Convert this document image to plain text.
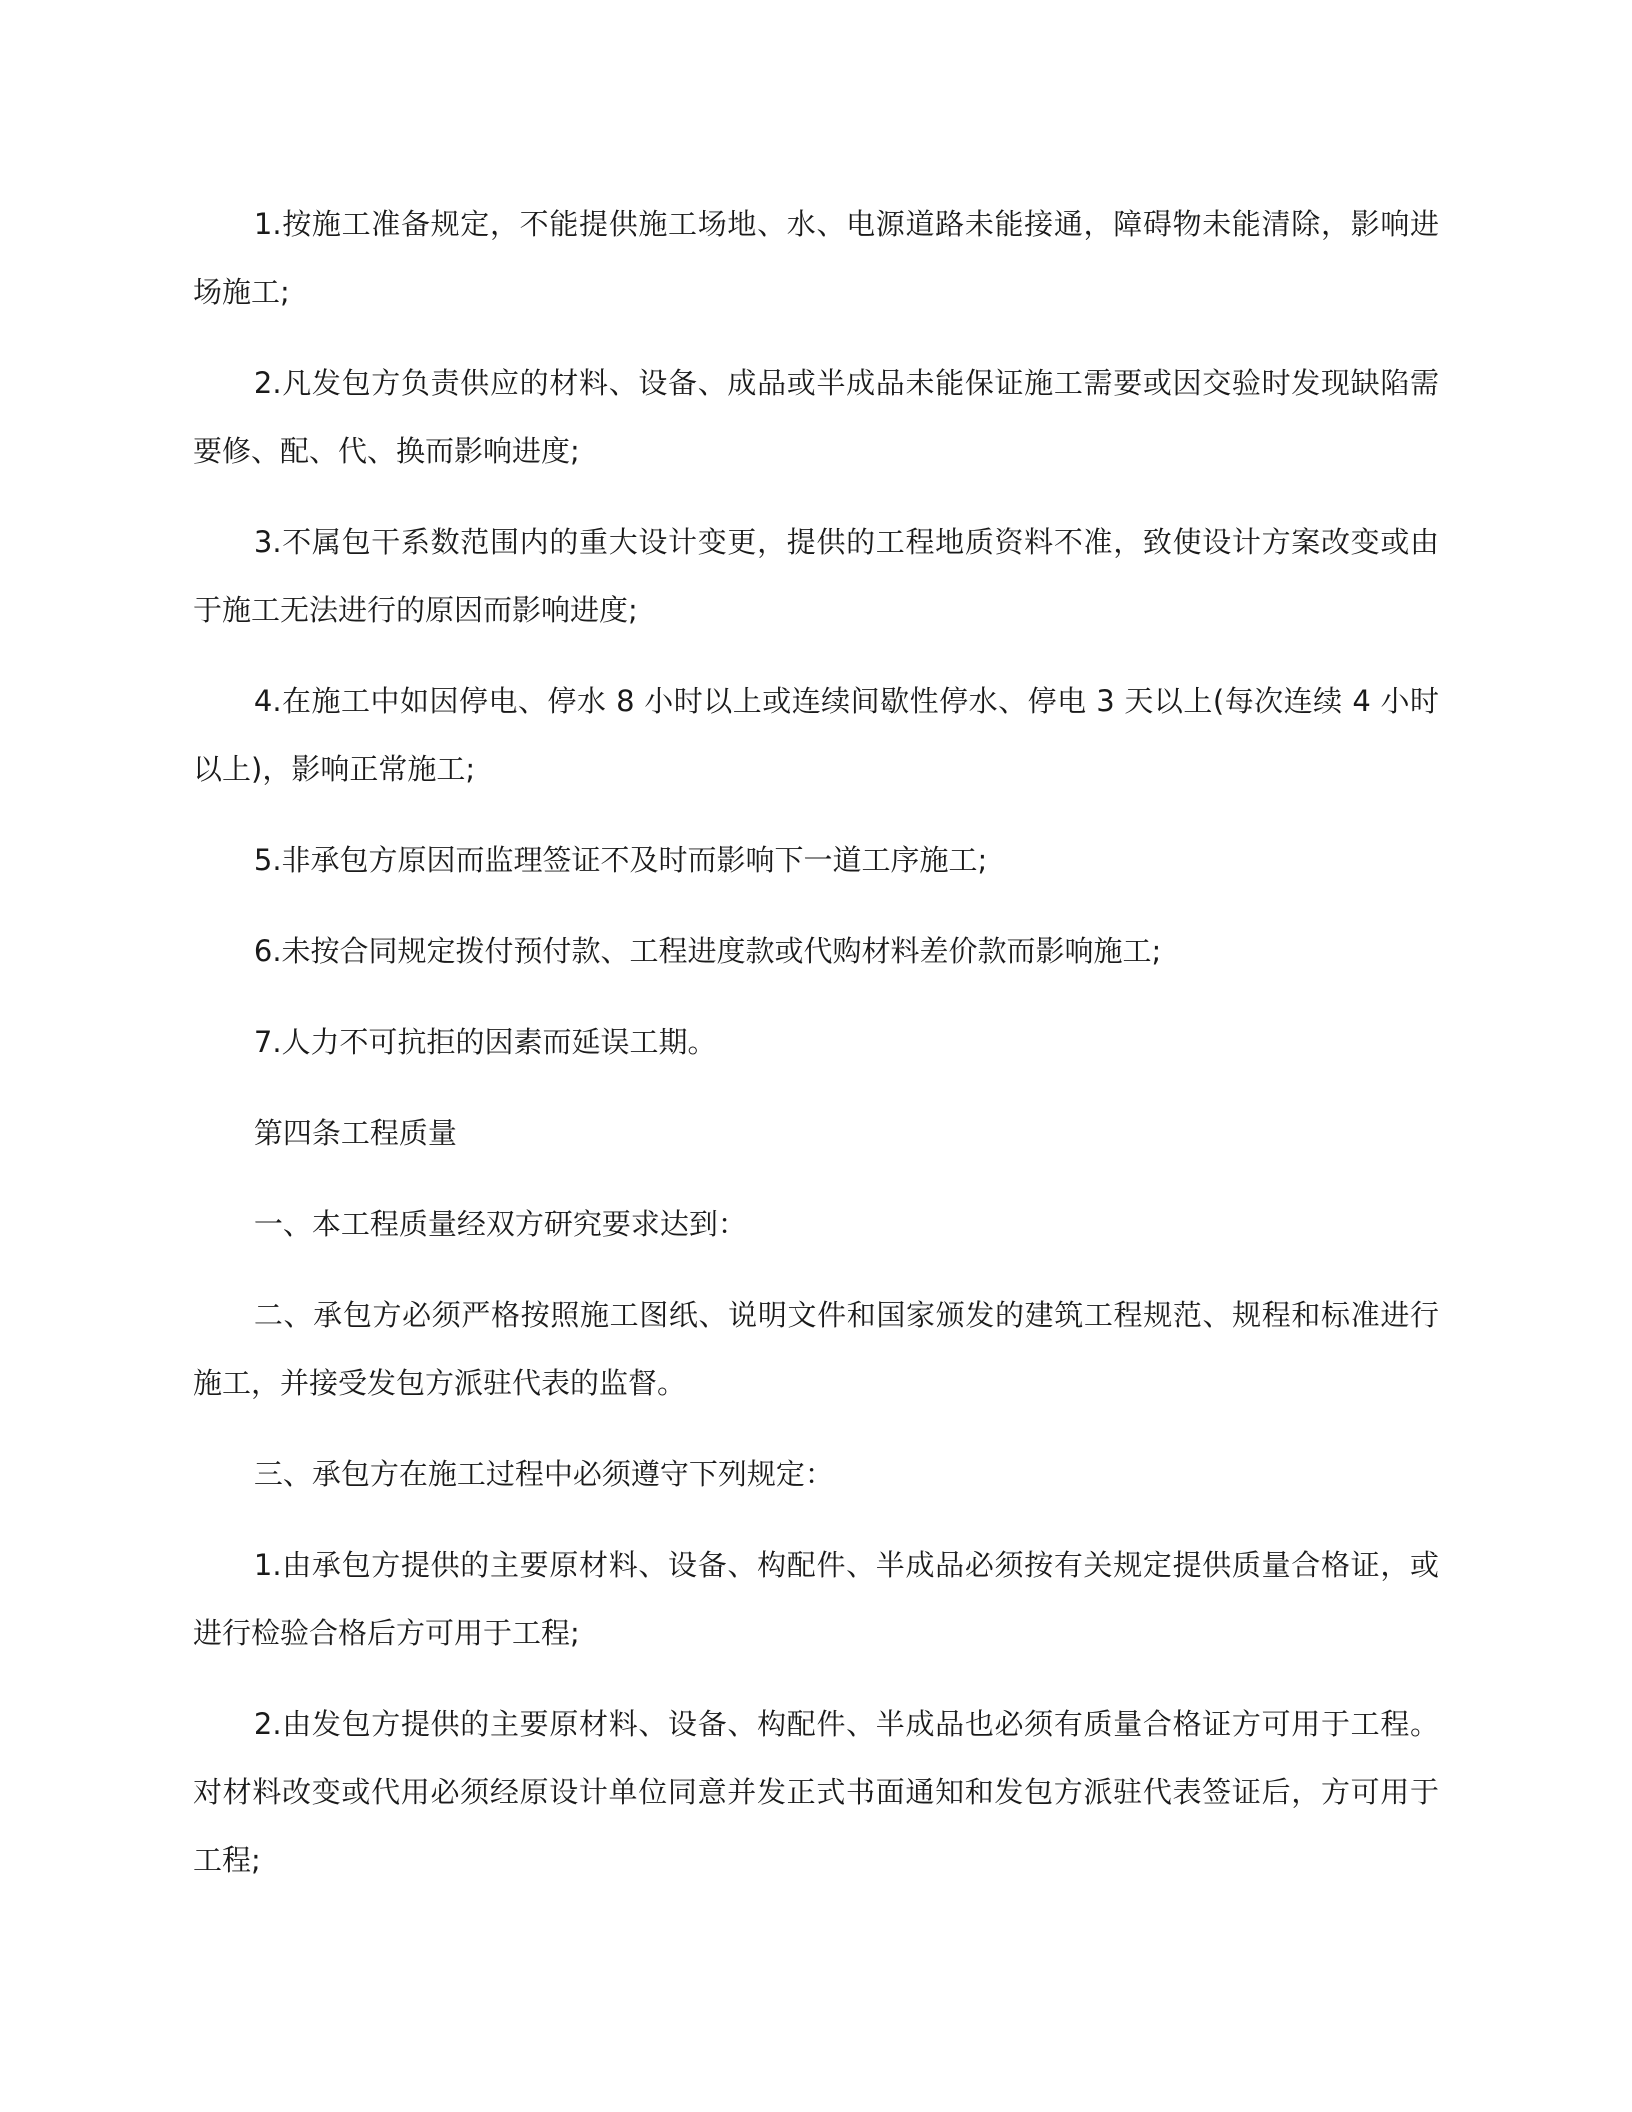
1.按施工准备规定，不能提供施工场地、水、电源道路未能接通，障碍物未能清除，影响进场施工;

2.凡发包方负责供应的材料、设备、成品或半成品未能保证施工需要或因交验时发现缺陷需要修、配、代、换而影响进度;

3.不属包干系数范围内的重大设计变更，提供的工程地质资料不准，致使设计方案改变或由于施工无法进行的原因而影响进度;

4.在施工中如因停电、停水 8 小时以上或连续间歇性停水、停电 3 天以上(每次连续 4 小时以上)，影响正常施工;

5.非承包方原因而监理签证不及时而影响下一道工序施工;

6.未按合同规定拨付预付款、工程进度款或代购材料差价款而影响施工;

7.人力不可抗拒的因素而延误工期。

第四条工程质量

一、本工程质量经双方研究要求达到：

二、承包方必须严格按照施工图纸、说明文件和国家颁发的建筑工程规范、规程和标准进行施工，并接受发包方派驻代表的监督。

三、承包方在施工过程中必须遵守下列规定：

1.由承包方提供的主要原材料、设备、构配件、半成品必须按有关规定提供质量合格证，或进行检验合格后方可用于工程;

2.由发包方提供的主要原材料、设备、构配件、半成品也必须有质量合格证方可用于工程。对材料改变或代用必须经原设计单位同意并发正式书面通知和发包方派驻代表签证后，方可用于工程;
